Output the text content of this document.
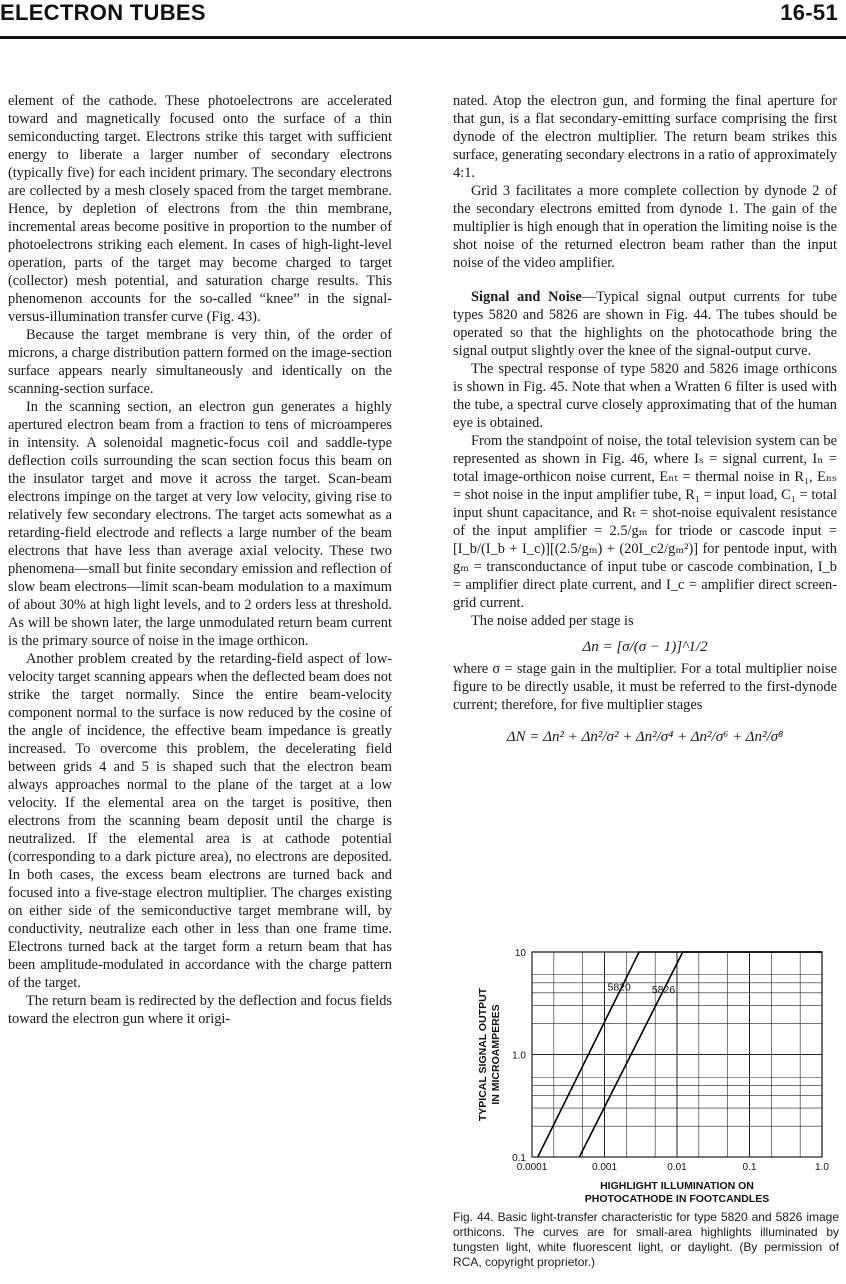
ELECTRON TUBES	16-51

element of the cathode. These photoelectrons are accelerated toward and magnetically focused onto the surface of a thin semiconducting target. Electrons strike this target with sufficient energy to liberate a larger number of secondary electrons (typically five) for each incident primary. The secondary electrons are collected by a mesh closely spaced from the target membrane. Hence, by depletion of electrons from the thin membrane, incremental areas become positive in proportion to the number of photoelectrons striking each element. In cases of high-light-level operation, parts of the target may become charged to target (collector) mesh potential, and saturation charge results. This phenomenon accounts for the so-called “knee” in the signal-versus-illumination transfer curve (Fig. 43).

Because the target membrane is very thin, of the order of microns, a charge distribution pattern formed on the image-section surface appears nearly simultaneously and identically on the scanning-section surface.

In the scanning section, an electron gun generates a highly apertured electron beam from a fraction to tens of microamperes in intensity. A solenoidal magnetic-focus coil and saddle-type deflection coils surrounding the scan section focus this beam on the insulator target and move it across the target. Scan-beam electrons impinge on the target at very low velocity, giving rise to relatively few secondary electrons. The target acts somewhat as a retarding-field electrode and reflects a large number of the beam electrons that have less than average axial velocity. These two phenomena—small but finite secondary emission and reflection of slow beam electrons—limit scan-beam modulation to a maximum of about 30% at high light levels, and to 2 orders less at threshold. As will be shown later, the large unmodulated return beam current is the primary source of noise in the image orthicon.

Another problem created by the retarding-field aspect of low-velocity target scanning appears when the deflected beam does not strike the target normally. Since the entire beam-velocity component normal to the surface is now reduced by the cosine of the angle of incidence, the effective beam impedance is greatly increased. To overcome this problem, the decelerating field between grids 4 and 5 is shaped such that the electron beam always approaches normal to the plane of the target at a low velocity. If the elemental area on the target is positive, then electrons from the scanning beam deposit until the charge is neutralized. If the elemental area is at cathode potential (corresponding to a dark picture area), no electrons are deposited. In both cases, the excess beam electrons are turned back and focused into a five-stage electron multiplier. The charges existing on either side of the semiconductive target membrane will, by conductivity, neutralize each other in less than one frame time. Electrons turned back at the target form a return beam that has been amplitude-modulated in accordance with the charge pattern of the target.

The return beam is redirected by the deflection and focus fields toward the electron gun where it origi-

nated. Atop the electron gun, and forming the final aperture for that gun, is a flat secondary-emitting surface comprising the first dynode of the electron multiplier. The return beam strikes this surface, generating secondary electrons in a ratio of approximately 4:1.

Grid 3 facilitates a more complete collection by dynode 2 of the secondary electrons emitted from dynode 1. The gain of the multiplier is high enough that in operation the limiting noise is the shot noise of the returned electron beam rather than the input noise of the video amplifier.

Signal and Noise—Typical signal output currents for tube types 5820 and 5826 are shown in Fig. 44. The tubes should be operated so that the highlights on the photocathode bring the signal output slightly over the knee of the signal-output curve.

The spectral response of type 5820 and 5826 image orthicons is shown in Fig. 45. Note that when a Wratten 6 filter is used with the tube, a spectral curve closely approximating that of the human eye is obtained.

From the standpoint of noise, the total television system can be represented as shown in Fig. 46, where Iₛ = signal current, Iₙ = total image-orthicon noise current, Eₙₜ = thermal noise in R₁, Eₙₛ = shot noise in the input amplifier tube, R₁ = input load, C₁ = total input shunt capacitance, and Rₜ = shot-noise equivalent resistance of the input amplifier = 2.5/gₘ for triode or cascode input = [I_b/(I_b + I_c)][(2.5/gₘ) + (20I_c2/gₘ²)] for pentode input, with gₘ = transconductance of input tube or cascode combination, I_b = amplifier direct plate current, and I_c = amplifier direct screen-grid current.

The noise added per stage is

Δn = [σ/(σ − 1)]^1/2

where σ = stage gain in the multiplier. For a total multiplier noise figure to be directly usable, it must be referred to the first-dynode current; therefore, for five multiplier stages

ΔN = Δn² + Δn²/σ² + Δn²/σ⁴ + Δn²/σ⁶ + Δn²/σ⁸
5820 5826
0.0001	0.001	0.01	0.1	1.0
0.1
1.0
10
HIGHLIGHT ILLUMINATION ON PHOTOCATHODE IN FOOTCANDLES
TYPICAL SIGNAL OUTPUTIN MICROAMPERES
Fig. 44. Basic light-transfer characteristic for type 5820 and 5826 image orthicons. The curves are for small-area highlights illuminated by tungsten light, white fluorescent light, or daylight. (By permission of RCA, copyright proprietor.)
